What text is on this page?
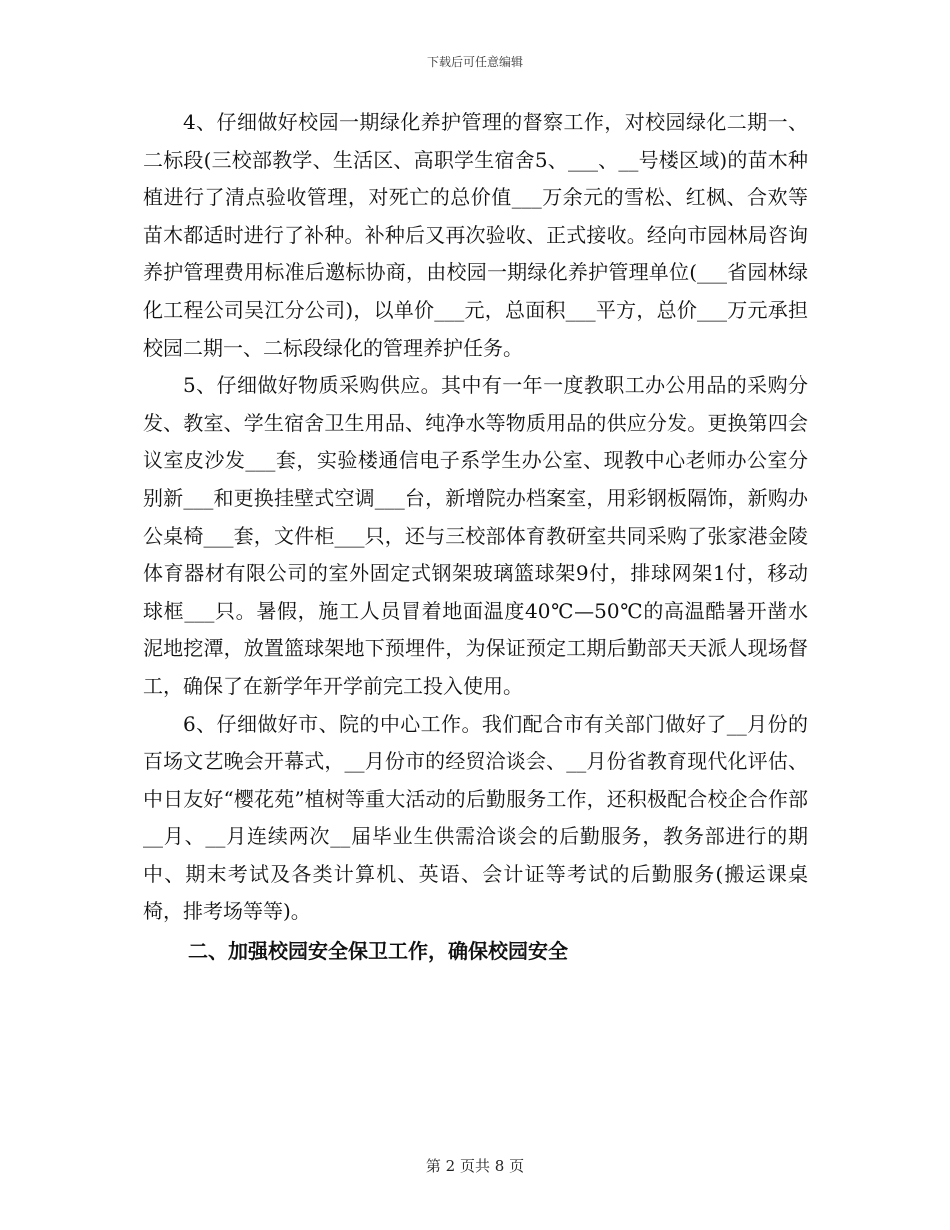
下载后可任意编辑

4、仔细做好校园一期绿化养护管理的督察工作，对校园绿化二期一、二标段(三校部教学、生活区、高职学生宿舍5、___、__号楼区域)的苗木种植进行了清点验收管理，对死亡的总价值___万余元的雪松、红枫、合欢等苗木都适时进行了补种。补种后又再次验收、正式接收。经向市园林局咨询养护管理费用标准后邀标协商，由校园一期绿化养护管理单位(___省园林绿化工程公司吴江分公司)，以单价___元，总面积___平方，总价___万元承担校园二期一、二标段绿化的管理养护任务。

5、仔细做好物质采购供应。其中有一年一度教职工办公用品的采购分发、教室、学生宿舍卫生用品、纯净水等物质用品的供应分发。更换第四会议室皮沙发___套，实验楼通信电子系学生办公室、现教中心老师办公室分别新___和更换挂壁式空调___台，新增院办档案室，用彩钢板隔饰，新购办公桌椅___套，文件柜___只，还与三校部体育教研室共同采购了张家港金陵体育器材有限公司的室外固定式钢架玻璃篮球架9付，排球网架1付，移动球框___只。暑假，施工人员冒着地面温度40℃—50℃的高温酷暑开凿水泥地挖潭，放置篮球架地下预埋件，为保证预定工期后勤部天天派人现场督工，确保了在新学年开学前完工投入使用。

6、仔细做好市、院的中心工作。我们配合市有关部门做好了__月份的百场文艺晚会开幕式，__月份市的经贸洽谈会、__月份省教育现代化评估、中日友好“樱花苑”植树等重大活动的后勤服务工作，还积极配合校企合作部__月、__月连续两次__届毕业生供需洽谈会的后勤服务，教务部进行的期中、期末考试及各类计算机、英语、会计证等考试的后勤服务(搬运课桌椅，排考场等等)。

二、加强校园安全保卫工作，确保校园安全

第 2 页共 8 页
